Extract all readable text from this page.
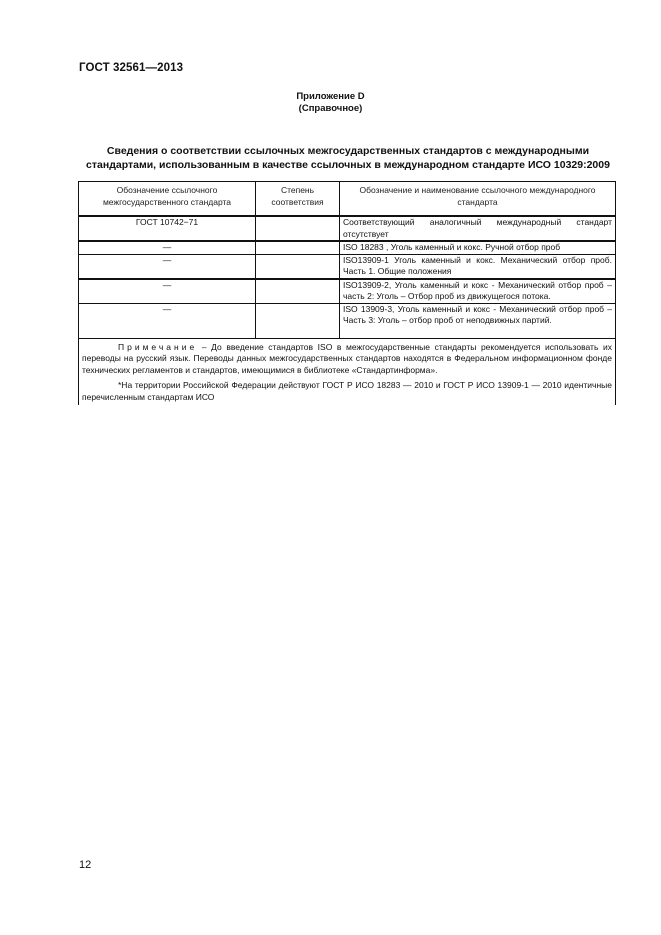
ГОСТ 32561—2013
Приложение D
(Справочное)
Сведения о соответствии ссылочных межгосударственных стандартов с международными стандартами, использованным в качестве ссылочных в международном стандарте ИСО 10329:2009
Обозначение ссылочного межгосударственного стандарта	Степень соответствия	Обозначение и наименование ссылочного международного стандарта
ГОСТ 10742−71		Соответствующий аналогичный международный стандарт отсутствует
—		ISO 18283 , Уголь каменный и кокс. Ручной отбор проб
—		ISO13909-1 Уголь каменный и кокс. Механический отбор проб. Часть 1. Общие положения
—		ISO13909-2, Уголь каменный и кокс - Механический отбор проб – часть 2: Уголь – Отбор проб из движущегося потока.
—		ISO 13909-3, Уголь каменный и кокс - Механический отбор проб – Часть 3: Уголь – отбор проб от неподвижных партий.

Примечание – До введение стандартов ISO в межгосударственные стандарты рекомендуется использовать их переводы на русский язык. Переводы данных межгосударственных стандартов находятся в Федеральном информационном фонде технических регламентов и стандартов, имеющимися в библиотеке «Стандартинформа».

*На территории Российской Федерации действуют ГОСТ Р ИСО 18283 — 2010 и ГОСТ Р ИСО 13909-1 — 2010 идентичные перечисленным стандартам ИСО		

12
